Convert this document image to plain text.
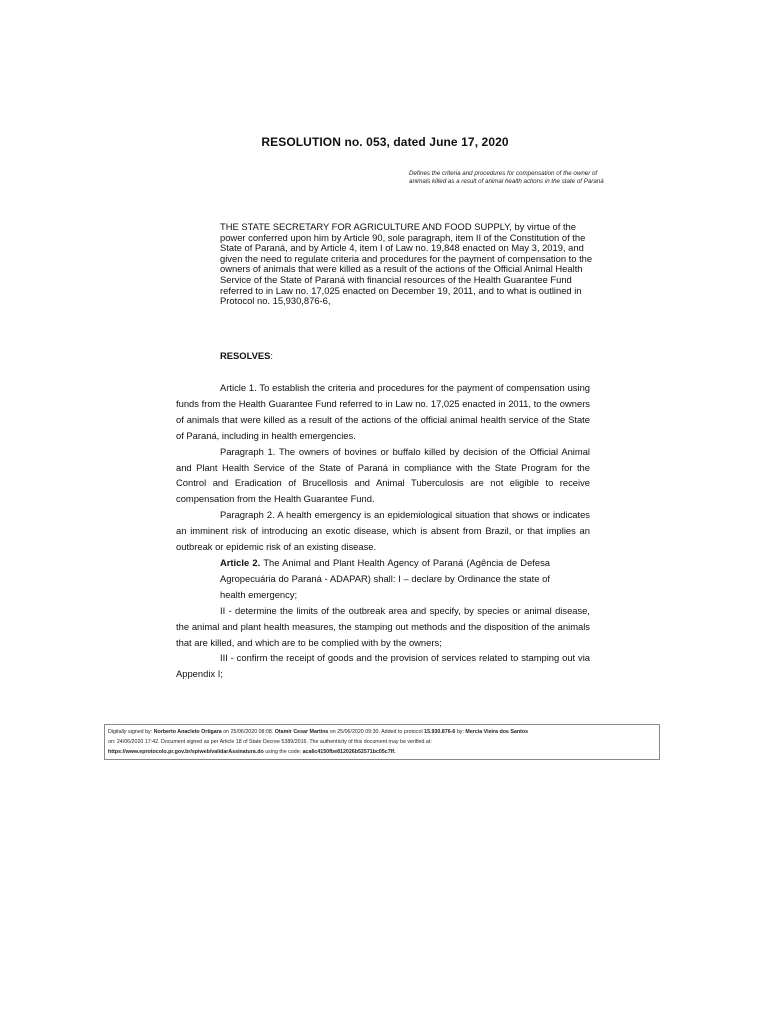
RESOLUTION no. 053, dated June 17, 2020
Defines the criteria and procedures for compensation of the owner of animals killed as a result of animal health actions in the state of Paraná
THE STATE SECRETARY FOR AGRICULTURE AND FOOD SUPPLY, by virtue of the power conferred upon him by Article 90, sole paragraph, item II of the Constitution of the State of Paraná, and by Article 4, item I of Law no. 19,848 enacted on May 3, 2019, and given the need to regulate criteria and procedures for the payment of compensation to the owners of animals that were killed as a result of the actions of the Official Animal Health Service of the State of Paraná with financial resources of the Health Guarantee Fund referred to in Law no. 17,025 enacted on December 19, 2011, and to what is outlined in Protocol no. 15,930,876-6,
RESOLVES:

Article 1. To establish the criteria and procedures for the payment of compensation using funds from the Health Guarantee Fund referred to in Law no. 17,025 enacted in 2011, to the owners of animals that were killed as a result of the actions of the official animal health service of the State of Paraná, including in health emergencies.

Paragraph 1. The owners of bovines or buffalo killed by decision of the Official Animal and Plant Health Service of the State of Paraná in compliance with the State Program for the Control and Eradication of Brucellosis and Animal Tuberculosis are not eligible to receive compensation from the Health Guarantee Fund.

Paragraph 2. A health emergency is an epidemiological situation that shows or indicates an imminent risk of introducing an exotic disease, which is absent from Brazil, or that implies an outbreak or epidemic risk of an existing disease.

Article 2. The Animal and Plant Health Agency of Paraná (Agência de Defesa Agropecuária do Paraná - ADAPAR) shall: I – declare by Ordinance the state of health emergency;

II - determine the limits of the outbreak area and specify, by species or animal disease, the animal and plant health measures, the stamping out methods and the disposition of the animals that are killed, and which are to be complied with by the owners;

III - confirm the receipt of goods and the provision of services related to stamping out via Appendix I;

Digitally signed by: Norberto Anacleto Ortigara on 25/06/2020 08:08. Otamir Cesar Martins on 25/06/2020 09:30. Added to protocol 15.930.876-6 by: Mercia Vieira dos Santos
on: 24/06/2020 17:42. Document signed as per Article 18 of State Decree 5389/2016. The authenticity of this document may be verified at:
https://www.eprotocolo.pr.gov.br/spiweb/validarAssinatura.do using the code: aca6c4150fbe812026b52571bc05c7ff.
